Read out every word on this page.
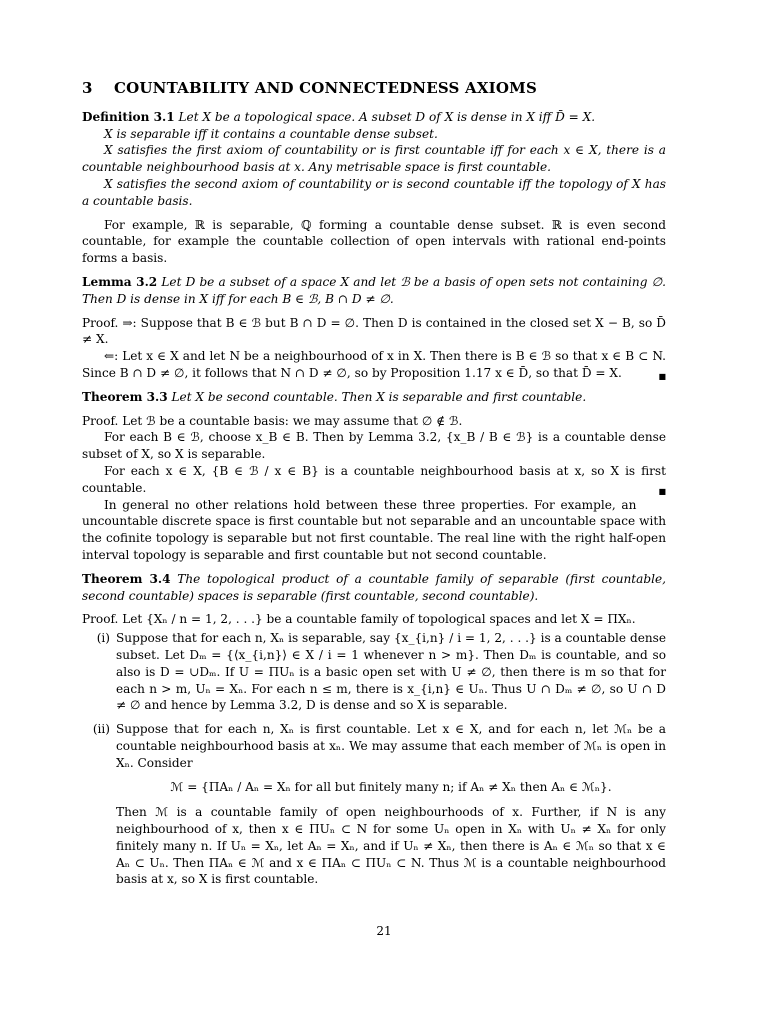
3 COUNTABILITY AND CONNECTEDNESS AXIOMS

Definition 3.1 Let X be a topological space. A subset D of X is dense in X iff D̄ = X.

X is separable iff it contains a countable dense subset.

X satisfies the first axiom of countability or is first countable iff for each x ∈ X, there is a countable neighbourhood basis at x. Any metrisable space is first countable.

X satisfies the second axiom of countability or is second countable iff the topology of X has a countable basis.

For example, ℝ is separable, ℚ forming a countable dense subset. ℝ is even second countable, for example the countable collection of open intervals with rational end-points forms a basis.

Lemma 3.2 Let D be a subset of a space X and let ℬ be a basis of open sets not containing ∅. Then D is dense in X iff for each B ∈ ℬ, B ∩ D ≠ ∅.

Proof. ⇒: Suppose that B ∈ ℬ but B ∩ D = ∅. Then D is contained in the closed set X − B, so D̄ ≠ X.

⇐: Let x ∈ X and let N be a neighbourhood of x in X. Then there is B ∈ ℬ so that x ∈ B ⊂ N. Since B ∩ D ≠ ∅, it follows that N ∩ D ≠ ∅, so by Proposition 1.17 x ∈ D̄, so that D̄ = X.	■

Theorem 3.3 Let X be second countable. Then X is separable and first countable.

Proof. Let ℬ be a countable basis: we may assume that ∅ ∉ ℬ.

For each B ∈ ℬ, choose x_B ∈ B. Then by Lemma 3.2, {x_B / B ∈ ℬ} is a countable dense subset of X, so X is separable.

For each x ∈ X, {B ∈ ℬ / x ∈ B} is a countable neighbourhood basis at x, so X is first countable.	■

In general no other relations hold between these three properties. For example, an uncountable discrete space is first countable but not separable and an uncountable space with the cofinite topology is separable but not first countable. The real line with the right half-open interval topology is separable and first countable but not second countable.

Theorem 3.4 The topological product of a countable family of separable (first countable, second countable) spaces is separable (first countable, second countable).

Proof. Let {Xₙ / n = 1, 2, . . .} be a countable family of topological spaces and let X = ΠXₙ.

(i) Suppose that for each n, Xₙ is separable, say {x_{i,n} / i = 1, 2, . . .} is a countable dense subset. Let Dₘ = {⟨x_{i,n}⟩ ∈ X / i = 1 whenever n > m}. Then Dₘ is countable, and so also is D = ∪Dₘ. If U = ΠUₙ is a basic open set with U ≠ ∅, then there is m so that for each n > m, Uₙ = Xₙ. For each n ≤ m, there is x_{i,n} ∈ Uₙ. Thus U ∩ Dₘ ≠ ∅, so U ∩ D ≠ ∅ and hence by Lemma 3.2, D is dense and so X is separable.
(ii) Suppose that for each n, Xₙ is first countable. Let x ∈ X, and for each n, let ℳₙ be a countable neighbourhood basis at xₙ. We may assume that each member of ℳₙ is open in Xₙ. Consider
ℳ = {ΠAₙ / Aₙ = Xₙ for all but finitely many n; if Aₙ ≠ Xₙ then Aₙ ∈ ℳₙ}.
Then ℳ is a countable family of open neighbourhoods of x. Further, if N is any neighbourhood of x, then x ∈ ΠUₙ ⊂ N for some Uₙ open in Xₙ with Uₙ ≠ Xₙ for only finitely many n. If Uₙ = Xₙ, let Aₙ = Xₙ, and if Uₙ ≠ Xₙ, then there is Aₙ ∈ ℳₙ so that x ∈ Aₙ ⊂ Uₙ. Then ΠAₙ ∈ ℳ and x ∈ ΠAₙ ⊂ ΠUₙ ⊂ N. Thus ℳ is a countable neighbourhood basis at x, so X is first countable.
21
